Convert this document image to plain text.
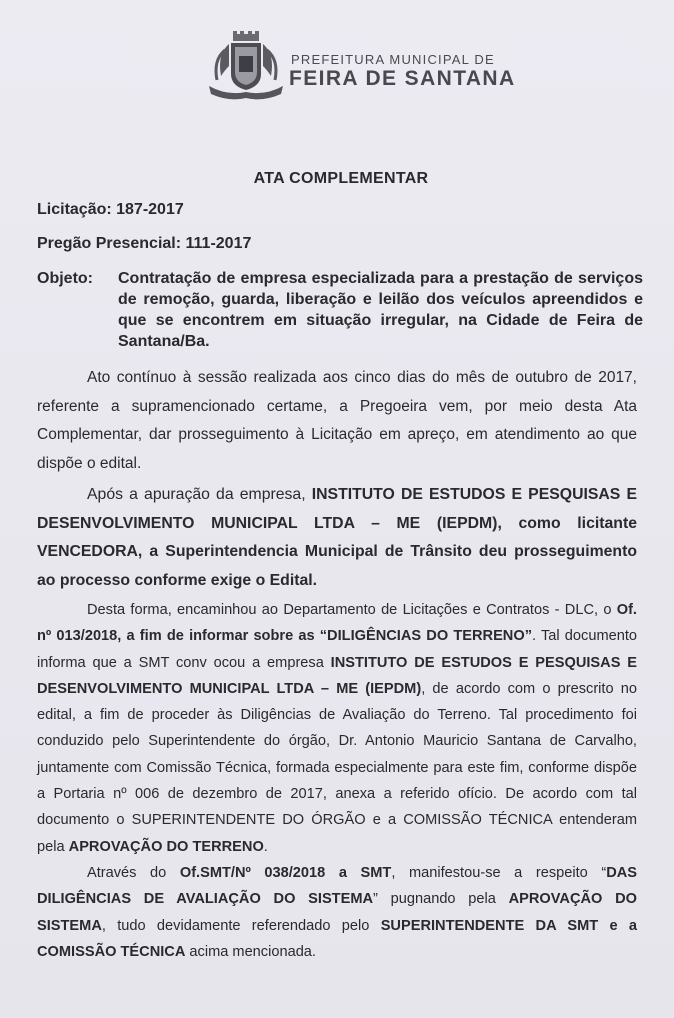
PREFEITURA MUNICIPAL DE
FEIRA DE SANTANA
ATA COMPLEMENTAR
Licitação: 187-2017
Pregão Presencial: 111-2017
Objeto: Contratação de empresa especializada para a prestação de serviços de remoção, guarda, liberação e leilão dos veículos apreendidos e que se encontrem em situação irregular, na Cidade de Feira de Santana/Ba.

Ato contínuo à sessão realizada aos cinco dias do mês de outubro de 2017, referente a supramencionado certame, a Pregoeira vem, por meio desta Ata Complementar, dar prosseguimento à Licitação em apreço, em atendimento ao que dispõe o edital.

Após a apuração da empresa, INSTITUTO DE ESTUDOS E PESQUISAS E DESENVOLVIMENTO MUNICIPAL LTDA – ME (IEPDM), como licitante VENCEDORA, a Superintendencia Municipal de Trânsito deu prosseguimento ao processo conforme exige o Edital.

Desta forma, encaminhou ao Departamento de Licitações e Contratos - DLC, o Of. nº 013/2018, a fim de informar sobre as “DILIGÊNCIAS DO TERRENO”. Tal documento informa que a SMT conv ocou a empresa INSTITUTO DE ESTUDOS E PESQUISAS E DESENVOLVIMENTO MUNICIPAL LTDA – ME (IEPDM), de acordo com o prescrito no edital, a fim de proceder às Diligências de Avaliação do Terreno. Tal procedimento foi conduzido pelo Superintendente do órgão, Dr. Antonio Mauricio Santana de Carvalho, juntamente com Comissão Técnica, formada especialmente para este fim, conforme dispõe a Portaria nº 006 de dezembro de 2017, anexa a referido ofício. De acordo com tal documento o SUPERINTENDENTE DO ÓRGÃO e a COMISSÃO TÉCNICA entenderam pela APROVAÇÃO DO TERRENO.

Através do Of.SMT/Nº 038/2018 a SMT, manifestou-se a respeito “DAS DILIGÊNCIAS DE AVALIAÇÃO DO SISTEMA” pugnando pela APROVAÇÃO DO SISTEMA, tudo devidamente referendado pelo SUPERINTENDENTE DA SMT e a COMISSÃO TÉCNICA acima mencionada.
